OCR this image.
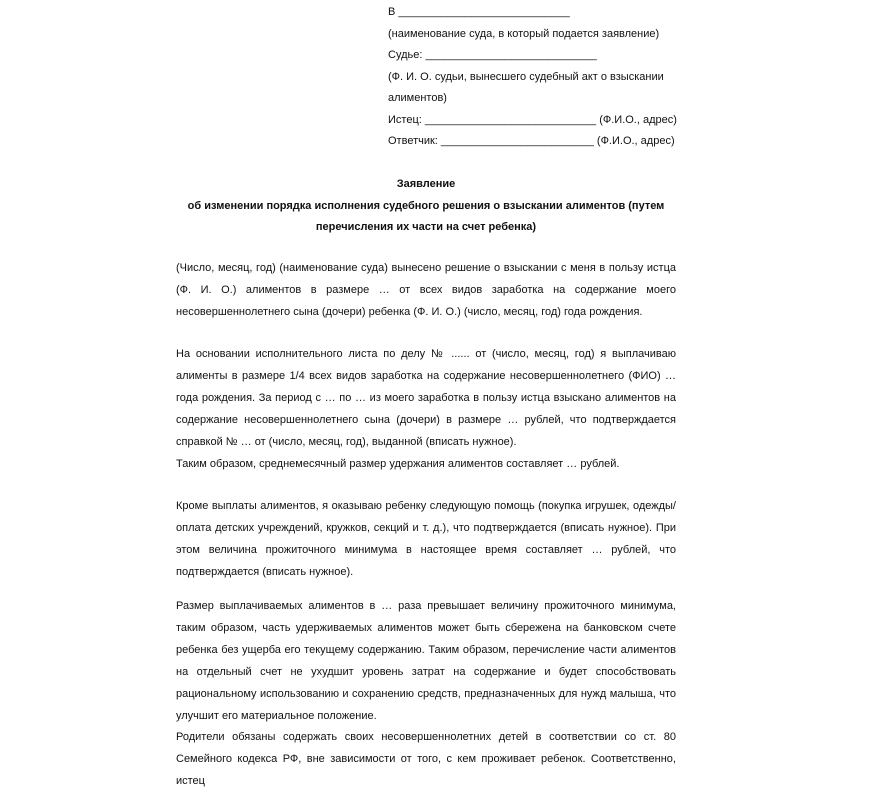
В ____________________________
(наименование суда, в который подается заявление)
Судье: ____________________________
(Ф. И. О. судьи, вынесшего судебный акт о взыскании
алиментов)
Истец: ____________________________ (Ф.И.О., адрес)
Ответчик: _________________________ (Ф.И.О., адрес)
Заявление
об изменении порядка исполнения судебного решения о взыскании алиментов (путем
перечисления их части на счет ребенка)

(Число, месяц, год) (наименование суда) вынесено решение о взыскании с меня в пользу истца (Ф. И. О.) алиментов в размере … от всех видов заработка на содержание моего несовершеннолетнего сына (дочери) ребенка (Ф. И. О.) (число, месяц, год) года рождения.

На основании исполнительного листа по делу № ...... от (число, месяц, год) я выплачиваю алименты в размере 1/4 всех видов заработка на содержание несовершеннолетнего (ФИО) …года рождения. За период с … по … из моего заработка в пользу истца взыскано алиментов на содержание несовершеннолетнего сына (дочери) в размере … рублей, что подтверждается справкой № … от (число, месяц, год), выданной (вписать нужное).

Таким образом, среднемесячный размер удержания алиментов составляет … рублей.

Кроме выплаты алиментов, я оказываю ребенку следующую помощь (покупка игрушек, одежды/оплата детских учреждений, кружков, секций и т. д.), что подтверждается (вписать нужное). При этом величина прожиточного минимума в настоящее время составляет … рублей, что подтверждается (вписать нужное).

Размер выплачиваемых алиментов в … раза превышает величину прожиточного минимума, таким образом, часть удерживаемых алиментов может быть сбережена на банковском счете ребенка без ущерба его текущему содержанию. Таким образом, перечисление части алиментов на отдельный счет не ухудшит уровень затрат на содержание и будет способствовать рациональному использованию и сохранению средств, предназначенных для нужд малыша, что улучшит его материальное положение.

Родители обязаны содержать своих несовершеннолетних детей в соответствии со ст. 80 Семейного кодекса РФ, вне зависимости от того, с кем проживает ребенок. Соответственно, истец
